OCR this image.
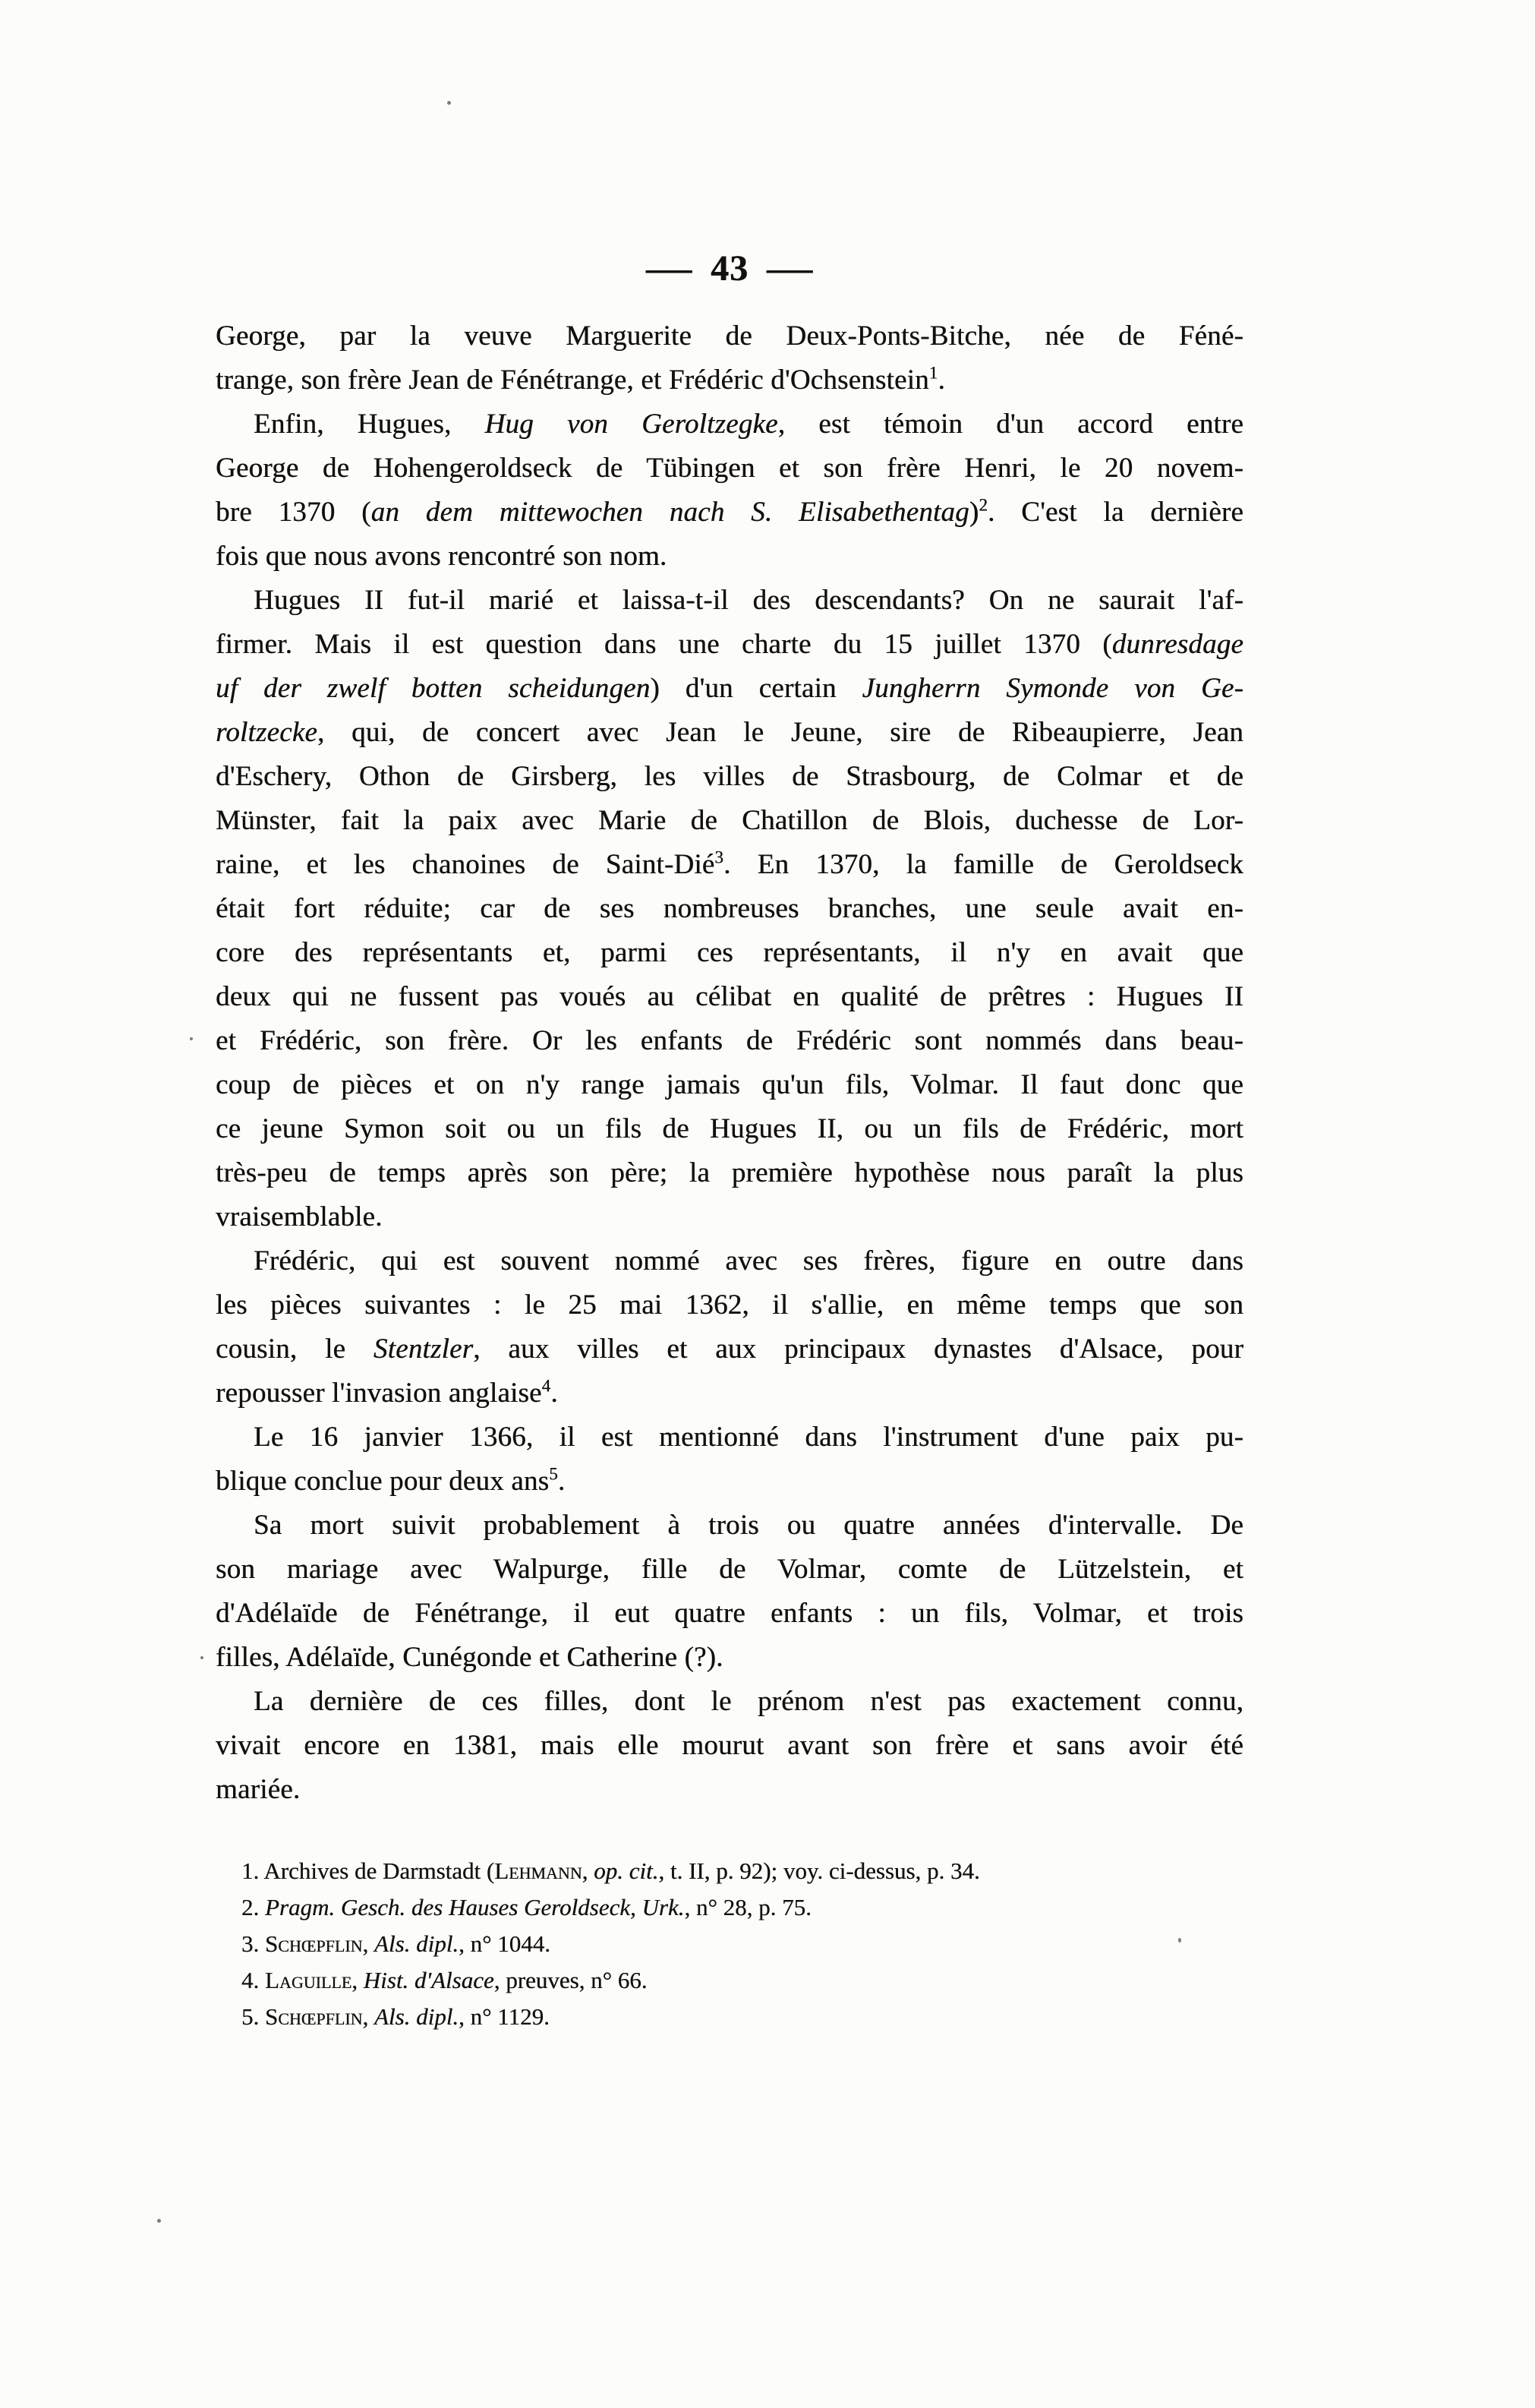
— 43 —
George, par la veuve Marguerite de Deux-Ponts-Bitche, née de Féné-
trange, son frère Jean de Fénétrange, et Frédéric d'Ochsenstein$^1$.
Enfin, Hugues, Hug von Geroltzegke, est témoin d'un accord entre
George de Hohengeroldseck de Tübingen et son frère Henri, le 20 novem-
bre 1370 (an dem mittewochen nach S. Elisabethentag)$^2$. C'est la dernière
fois que nous avons rencontré son nom.
Hugues II fut-il marié et laissa-t-il des descendants? On ne saurait l'af-
firmer. Mais il est question dans une charte du 15 juillet 1370 (dunresdage
uf der zwelf botten scheidungen) d'un certain Jungherrn Symonde von Ge-
roltzecke, qui, de concert avec Jean le Jeune, sire de Ribeaupierre, Jean
d'Eschery, Othon de Girsberg, les villes de Strasbourg, de Colmar et de
Münster, fait la paix avec Marie de Chatillon de Blois, duchesse de Lor-
raine, et les chanoines de Saint-Dié$^3$. En 1370, la famille de Geroldseck
était fort réduite; car de ses nombreuses branches, une seule avait en-
core des représentants et, parmi ces représentants, il n'y en avait que
deux qui ne fussent pas voués au célibat en qualité de prêtres : Hugues II
et Frédéric, son frère. Or les enfants de Frédéric sont nommés dans beau-
coup de pièces et on n'y range jamais qu'un fils, Volmar. Il faut donc que
ce jeune Symon soit ou un fils de Hugues II, ou un fils de Frédéric, mort
très-peu de temps après son père; la première hypothèse nous paraît la plus
vraisemblable.
Frédéric, qui est souvent nommé avec ses frères, figure en outre dans
les pièces suivantes : le 25 mai 1362, il s'allie, en même temps que son
cousin, le Stentzler, aux villes et aux principaux dynastes d'Alsace, pour
repousser l'invasion anglaise$^4$.
Le 16 janvier 1366, il est mentionné dans l'instrument d'une paix pu-
blique conclue pour deux ans$^5$.
Sa mort suivit probablement à trois ou quatre années d'intervalle. De
son mariage avec Walpurge, fille de Volmar, comte de Lützelstein, et
d'Adélaïde de Fénétrange, il eut quatre enfants : un fils, Volmar, et trois
filles, Adélaïde, Cunégonde et Catherine (?).
La dernière de ces filles, dont le prénom n'est pas exactement connu,
vivait encore en 1381, mais elle mourut avant son frère et sans avoir été
mariée.
1. Archives de Darmstadt (Lehmann, op. cit., t. II, p. 92); voy. ci-dessus, p. 34.
2. Pragm. Gesch. des Hauses Geroldseck, Urk., n° 28, p. 75.
3. Schœpflin, Als. dipl., n° 1044.
4. Laguille, Hist. d'Alsace, preuves, n° 66.
5. Schœpflin, Als. dipl., n° 1129.
